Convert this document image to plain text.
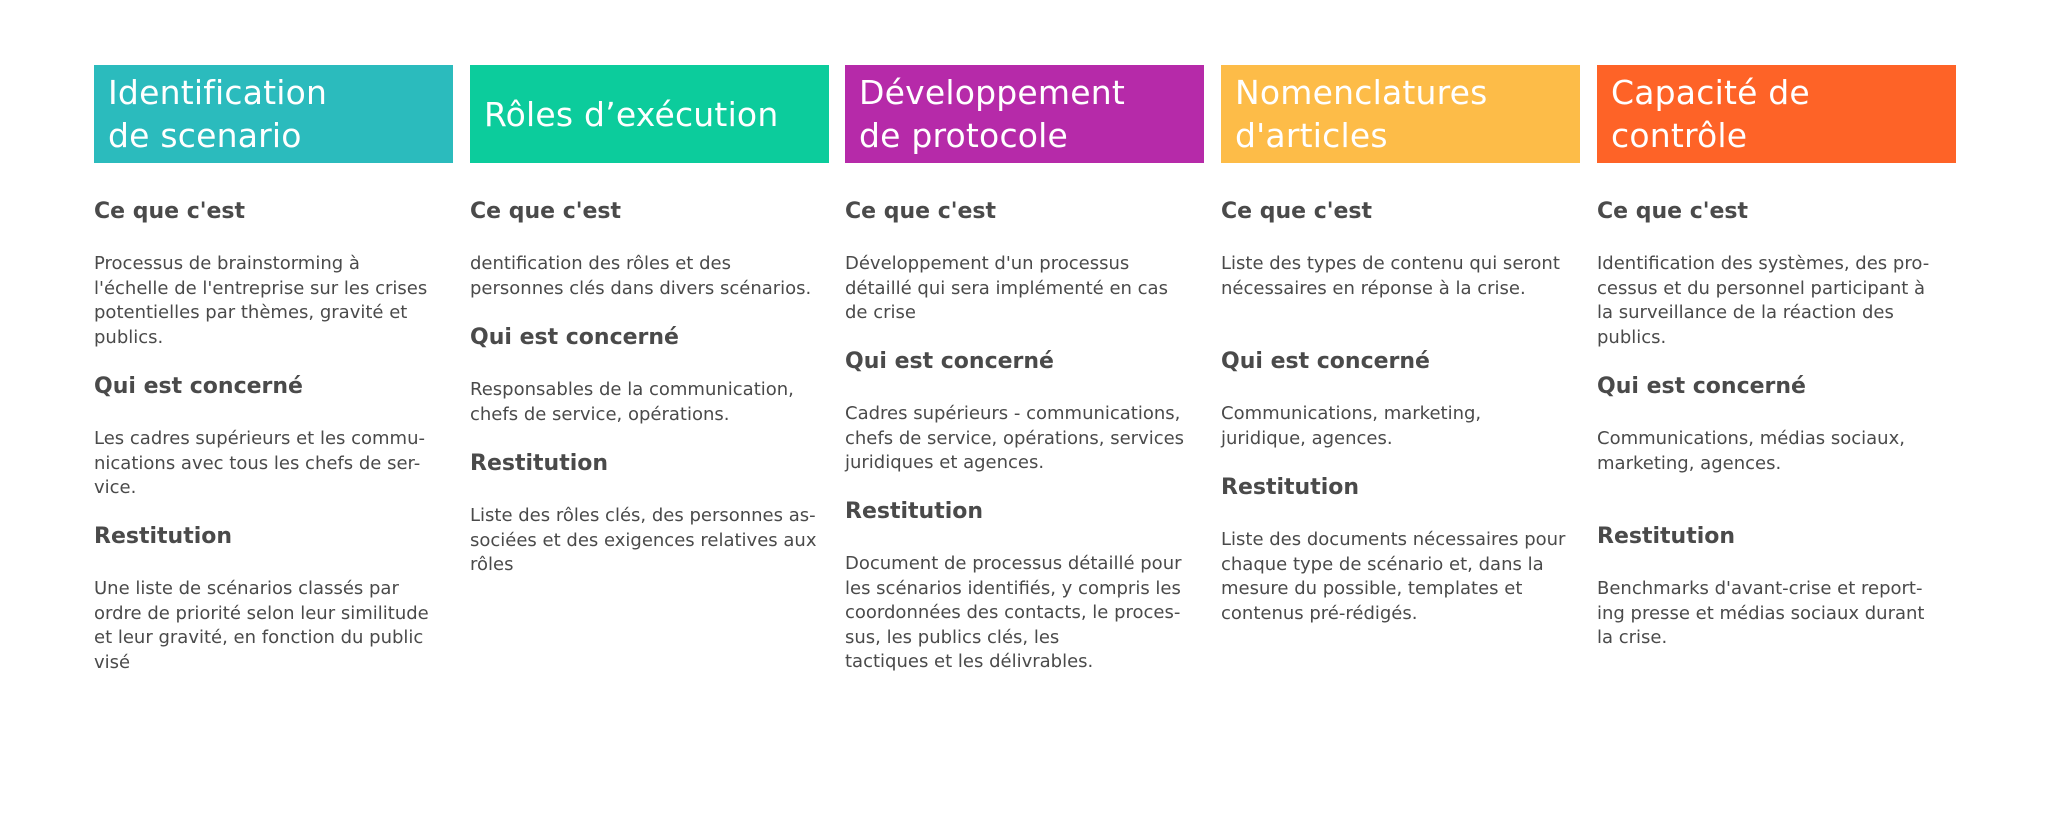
Identification
de scenario
Ce que c'est
Processus de brainstorming à
l'échelle de l'entreprise sur les crises
potentielles par thèmes, gravité et
publics.
Qui est concerné
Les cadres supérieurs et les commu-
nications avec tous les chefs de ser-
vice.
Restitution
Une liste de scénarios classés par
ordre de priorité selon leur similitude
et leur gravité, en fonction du public
visé
Rôles d’exécution
Ce que c'est
dentification des rôles et des
personnes clés dans divers scénarios.
Qui est concerné
Responsables de la communication,
chefs de service, opérations.
Restitution
Liste des rôles clés, des personnes as-
sociées et des exigences relatives aux
rôles
Développement
de protocole
Ce que c'est
Développement d'un processus
détaillé qui sera implémenté en cas
de crise
Qui est concerné
Cadres supérieurs - communications,
chefs de service, opérations, services
juridiques et agences.
Restitution
Document de processus détaillé pour
les scénarios identifiés, y compris les
coordonnées des contacts, le proces-
sus, les publics clés, les
tactiques et les délivrables.
Nomenclatures
d'articles
Ce que c'est
Liste des types de contenu qui seront
nécessaires en réponse à la crise.
Qui est concerné
Communications, marketing,
juridique, agences.
Restitution
Liste des documents nécessaires pour
chaque type de scénario et, dans la
mesure du possible, templates et
contenus pré-rédigés.
Capacité de
contrôle
Ce que c'est
Identification des systèmes, des pro-
cessus et du personnel participant à
la surveillance de la réaction des
publics.
Qui est concerné
Communications, médias sociaux,
marketing, agences.
Restitution
Benchmarks d'avant-crise et report-
ing presse et médias sociaux durant
la crise.
